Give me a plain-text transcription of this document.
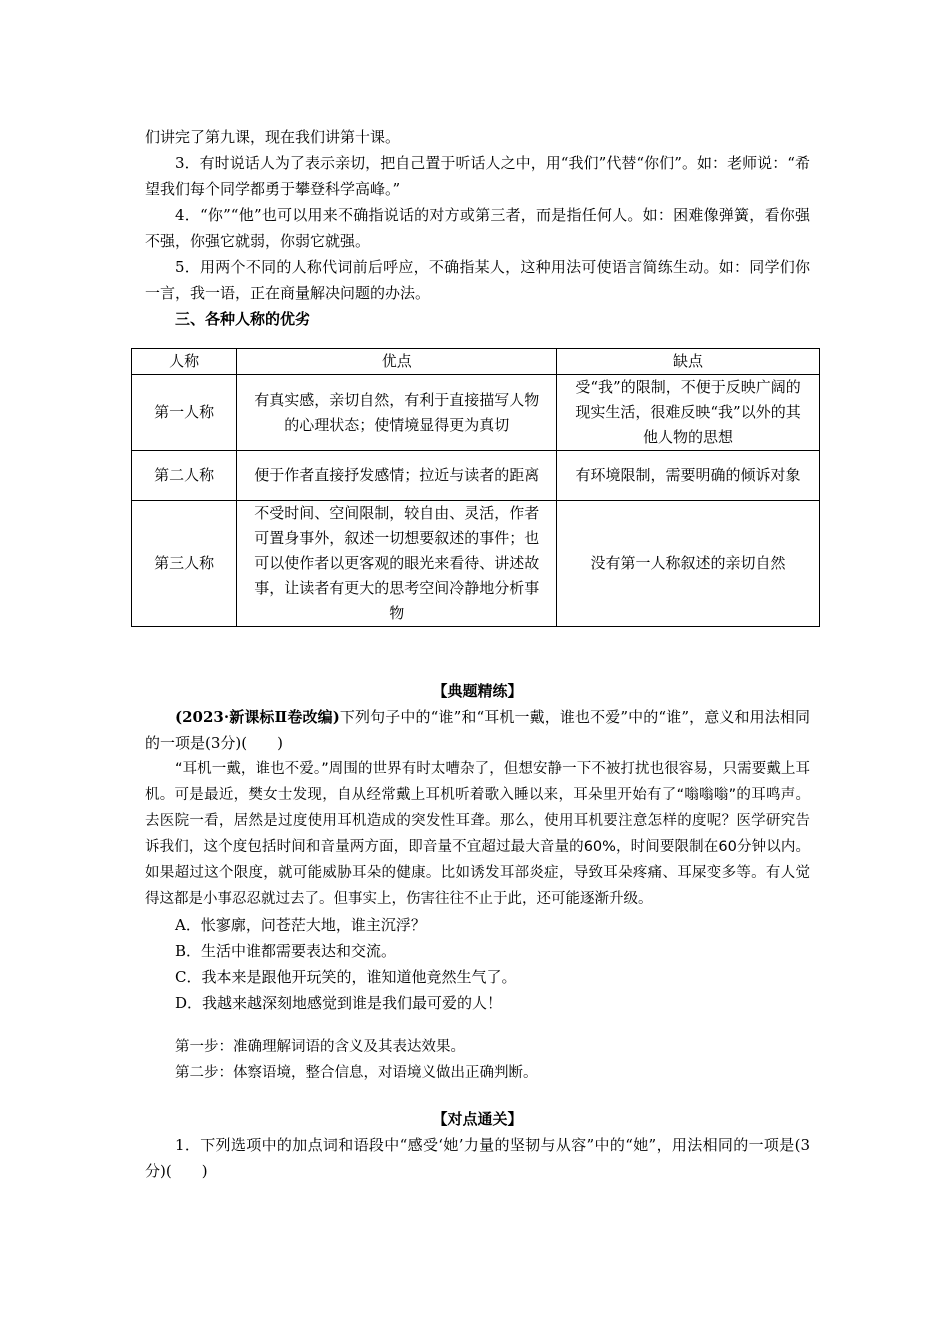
们讲完了第九课，现在我们讲第十课。

3．有时说话人为了表示亲切，把自己置于听话人之中，用“我们”代替“你们”。如：老师说：“希望我们每个同学都勇于攀登科学高峰。”

4．“你”“他”也可以用来不确指说话的对方或第三者，而是指任何人。如：困难像弹簧，看你强不强，你强它就弱，你弱它就强。

5．用两个不同的人称代词前后呼应，不确指某人，这种用法可使语言简练生动。如：同学们你一言，我一语，正在商量解决问题的办法。

三、各种人称的优劣

人称	优点	缺点
第一人称	有真实感，亲切自然，有利于直接描写人物的心理状态；使情境显得更为真切	受“我”的限制，不便于反映广阔的现实生活，很难反映“我”以外的其他人物的思想
第二人称	便于作者直接抒发感情；拉近与读者的距离	有环境限制，需要明确的倾诉对象
第三人称	不受时间、空间限制，较自由、灵活，作者可置身事外，叙述一切想要叙述的事件；也可以使作者以更客观的眼光来看待、讲述故事，让读者有更大的思考空间冷静地分析事物	没有第一人称叙述的亲切自然

【典题精练】

(2023·新课标Ⅱ卷改编)下列句子中的“谁”和“耳机一戴，谁也不爱”中的“谁”，意义和用法相同的一项是(3分)(　　)

“耳机一戴，谁也不爱。”周围的世界有时太嘈杂了，但想安静一下不被打扰也很容易，只需要戴上耳机。可是最近，樊女士发现，自从经常戴上耳机听着歌入睡以来，耳朵里开始有了“嗡嗡嗡”的耳鸣声。去医院一看，居然是过度使用耳机造成的突发性耳聋。那么，使用耳机要注意怎样的度呢？医学研究告诉我们，这个度包括时间和音量两方面，即音量不宜超过最大音量的60%，时间要限制在60分钟以内。如果超过这个限度，就可能威胁耳朵的健康。比如诱发耳部炎症，导致耳朵疼痛、耳屎变多等。有人觉得这都是小事忍忍就过去了。但事实上，伤害往往不止于此，还可能逐渐升级。

A．怅寥廓，问苍茫大地，谁主沉浮？

B．生活中谁都需要表达和交流。

C．我本来是跟他开玩笑的，谁知道他竟然生气了。

D．我越来越深刻地感觉到谁是我们最可爱的人！

第一步：准确理解词语的含义及其表达效果。

第二步：体察语境，整合信息，对语境义做出正确判断。

【对点通关】

1．下列选项中的加点词和语段中“感受‘她’力量的坚韧与从容”中的“她”，用法相同的一项是(3分)(　　)
